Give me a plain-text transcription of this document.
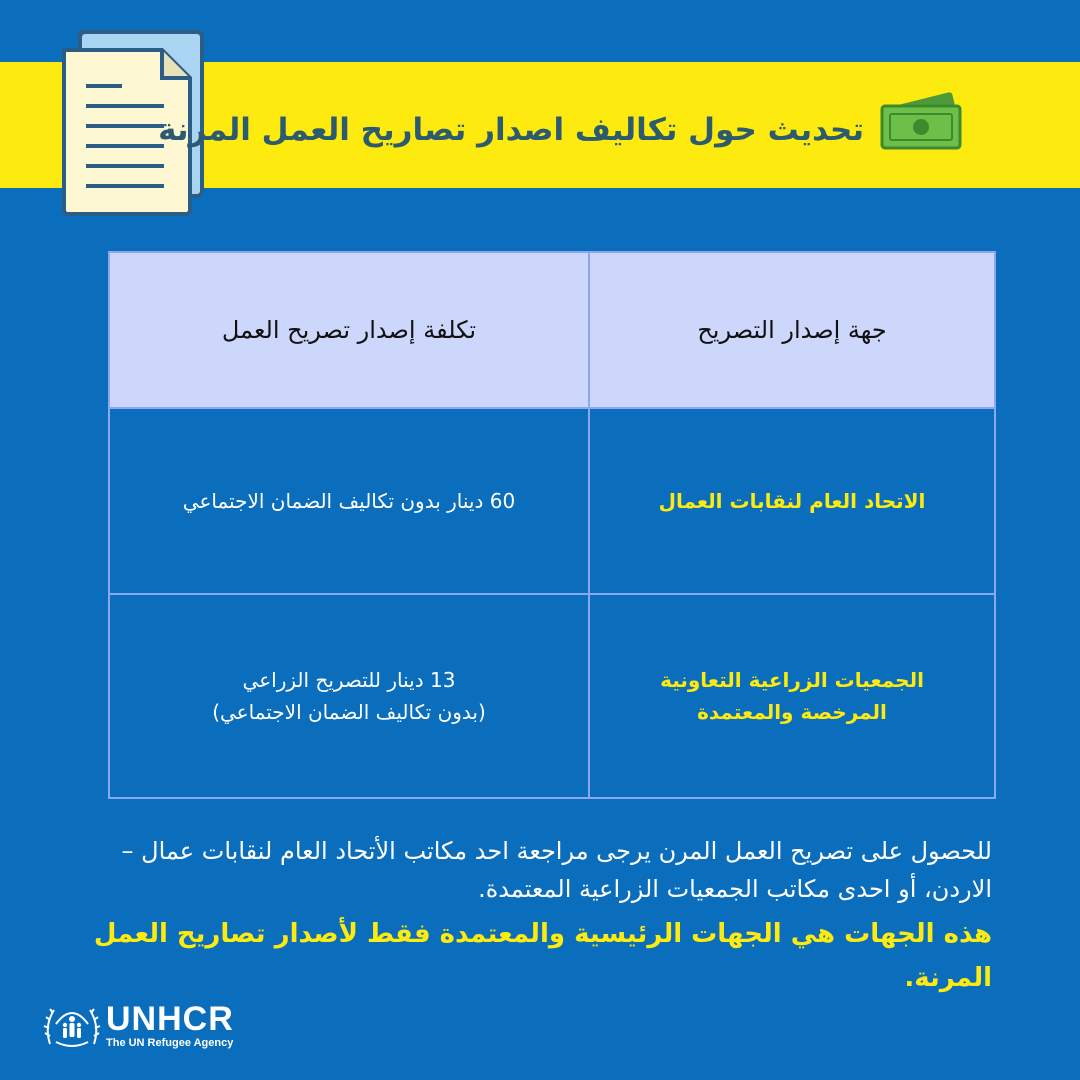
تحديث حول تكاليف اصدار تصاريح العمل المرنة
جهة إصدار التصريح	تكلفة إصدار تصريح العمل

الاتحاد العام لنقابات العمال	60 دينار بدون تكاليف الضمان الاجتماعي

الجمعيات الزراعية التعاونية
المرخصة والمعتمدة	13 دينار للتصريح الزراعي
(بدون تكاليف الضمان الاجتماعي)
للحصول على تصريح العمل المرن يرجى مراجعة احد مكاتب الأتحاد العام لنقابات عمال – الاردن، أو احدى مكاتب الجمعيات الزراعية المعتمدة.
هذه الجهات هي الجهات الرئيسية والمعتمدة فقط لأصدار تصاريح العمل المرنة.
UNHCR
The UN Refugee Agency
